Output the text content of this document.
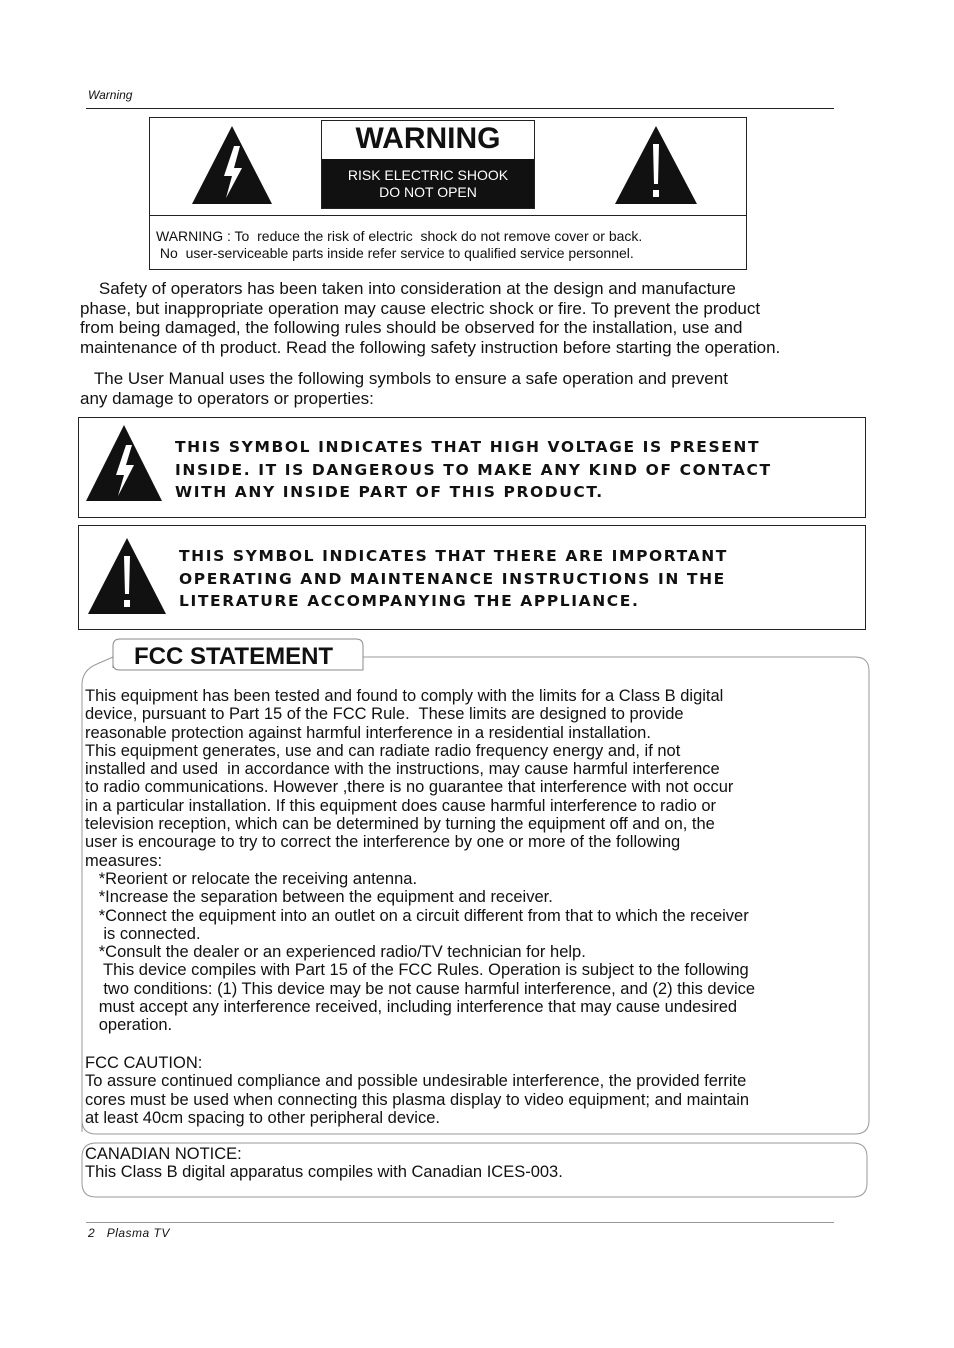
Warning
WARNING
RISK ELECTRIC SHOOK
DO NOT OPEN
WARNING : To  reduce the risk of electric  shock do not remove cover or back.
No  user-serviceable parts inside refer service to qualified service personnel.
Safety of operators has been taken into consideration at the design and manufacture
phase, but inappropriate operation may cause electric shock or fire. To prevent the product
from being damaged, the following rules should be observed for the installation, use and
maintenance of th product. Read the following safety instruction before starting the operation.
The User Manual uses the following symbols to ensure a safe operation and prevent
any damage to operators or properties:
THIS SYMBOL INDICATES THAT HIGH VOLTAGE IS PRESENT
INSIDE. IT IS DANGEROUS TO MAKE ANY KIND OF CONTACT
WITH ANY INSIDE PART OF THIS PRODUCT.
THIS SYMBOL INDICATES THAT THERE ARE IMPORTANT
OPERATING AND MAINTENANCE INSTRUCTIONS IN THE
LITERATURE ACCOMPANYING THE APPLIANCE.
FCC STATEMENT
This equipment has been tested and found to comply with the limits for a Class B digital
device, pursuant to Part 15 of the FCC Rule.  These limits are designed to provide
reasonable protection against harmful interference in a residential installation.
This equipment generates, use and can radiate radio frequency energy and, if not
installed and used  in accordance with the instructions, may cause harmful interference
to radio communications. However ,there is no guarantee that interference with not occur
in a particular installation. If this equipment does cause harmful interference to radio or
television reception, which can be determined by turning the equipment off and on, the
user is encourage to try to correct the interference by one or more of the following
measures:
*Reorient or relocate the receiving antenna.
*Increase the separation between the equipment and receiver.
*Connect the equipment into an outlet on a circuit different from that to which the receiver
is connected.
*Consult the dealer or an experienced radio/TV technician for help.
This device compiles with Part 15 of the FCC Rules. Operation is subject to the following
two conditions: (1) This device may be not cause harmful interference, and (2) this device
must accept any interference received, including interference that may cause undesired
operation.
FCC CAUTION:
To assure continued compliance and possible undesirable interference, the provided ferrite
cores must be used when connecting this plasma display to video equipment; and maintain
at least 40cm spacing to other peripheral device.
CANADIAN NOTICE:
This Class B digital apparatus compiles with Canadian ICES-003.
2 Plasma TV
